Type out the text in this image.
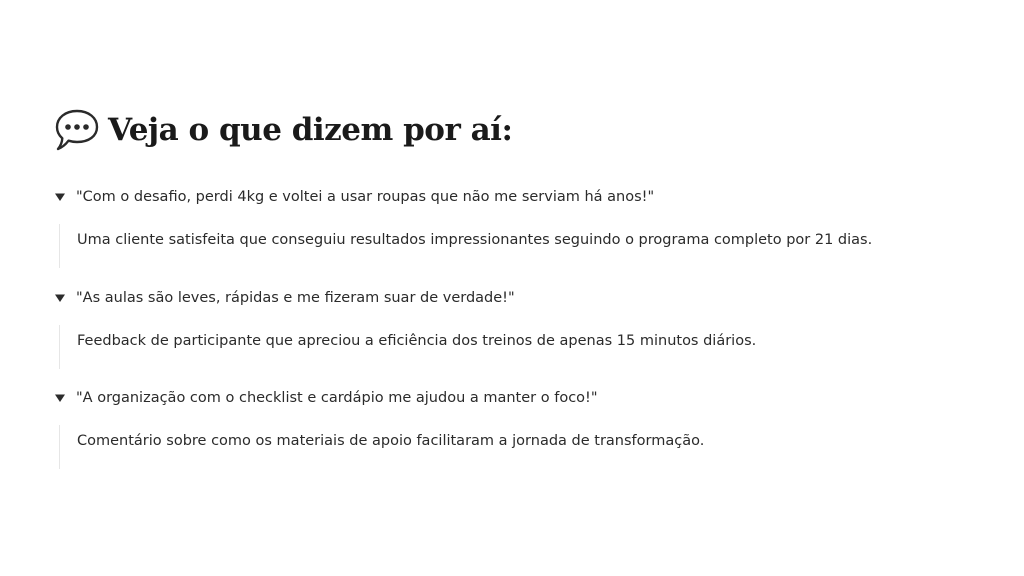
Veja o que dizem por aí:
"Com o desafio, perdi 4kg e voltei a usar roupas que não me serviam há anos!"
Uma cliente satisfeita que conseguiu resultados impressionantes seguindo o programa completo por 21 dias.
"As aulas são leves, rápidas e me fizeram suar de verdade!"
Feedback de participante que apreciou a eficiência dos treinos de apenas 15 minutos diários.
"A organização com o checklist e cardápio me ajudou a manter o foco!"
Comentário sobre como os materiais de apoio facilitaram a jornada de transformação.
